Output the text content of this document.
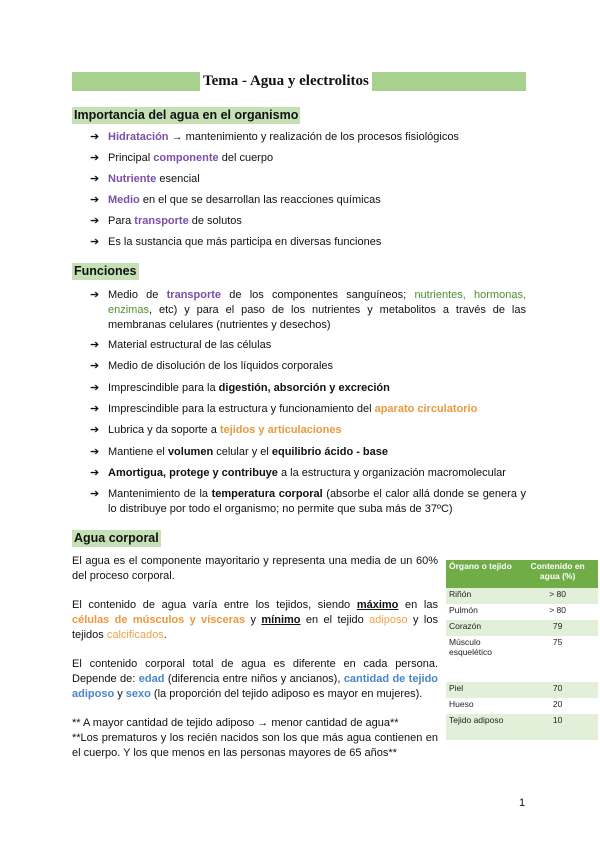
Tema - Agua y electrolitos
Importancia del agua en el organismo
➔ Hidratación → mantenimiento y realización de los procesos fisiológicos
➔ Principal componente del cuerpo
➔ Nutriente esencial
➔ Medio en el que se desarrollan las reacciones químicas
➔ Para transporte de solutos
➔ Es la sustancia que más participa en diversas funciones
Funciones
➔ Medio de transporte de los componentes sanguíneos; nutrientes, hormonas, enzimas, etc) y para el paso de los nutrientes y metabolitos a través de las membranas celulares (nutrientes y desechos)
➔ Material estructural de las células
➔ Medio de disolución de los líquidos corporales
➔ Imprescindible para la digestión, absorción y excreción
➔ Imprescindible para la estructura y funcionamiento del aparato circulatorio
➔ Lubrica y da soporte a tejidos y articulaciones
➔ Mantiene el volumen celular y el equilibrio ácido - base
➔ Amortigua, protege y contribuye a la estructura y organización macromolecular
➔ Mantenimiento de la temperatura corporal (absorbe el calor allá donde se genera y lo distribuye por todo el organismo; no permite que suba más de 37ºC)
Agua corporal
El agua es el componente mayoritario y representa una media de un 60% del proceso corporal.
El contenido de agua varía entre los tejidos, siendo máximo en las células de músculos y vísceras y mínimo en el tejido adiposo y los tejidos calcificados.
El contenido corporal total de agua es diferente en cada persona. Depende de: edad (diferencia entre niños y ancianos), cantidad de tejido adiposo y sexo (la proporción del tejido adiposo es mayor en mujeres).
** A mayor cantidad de tejido adiposo → menor cantidad de agua**
**Los prematuros y los recién nacidos son los que más agua contienen en el cuerpo. Y los que menos en las personas mayores de 65 años**
Órgano o tejido	Contenido en agua (%)
Riñón	> 80
Pulmón	> 80
Corazón	79
Músculo esquelético	75
Piel	70
Hueso	20
Tejido adiposo	10
1
